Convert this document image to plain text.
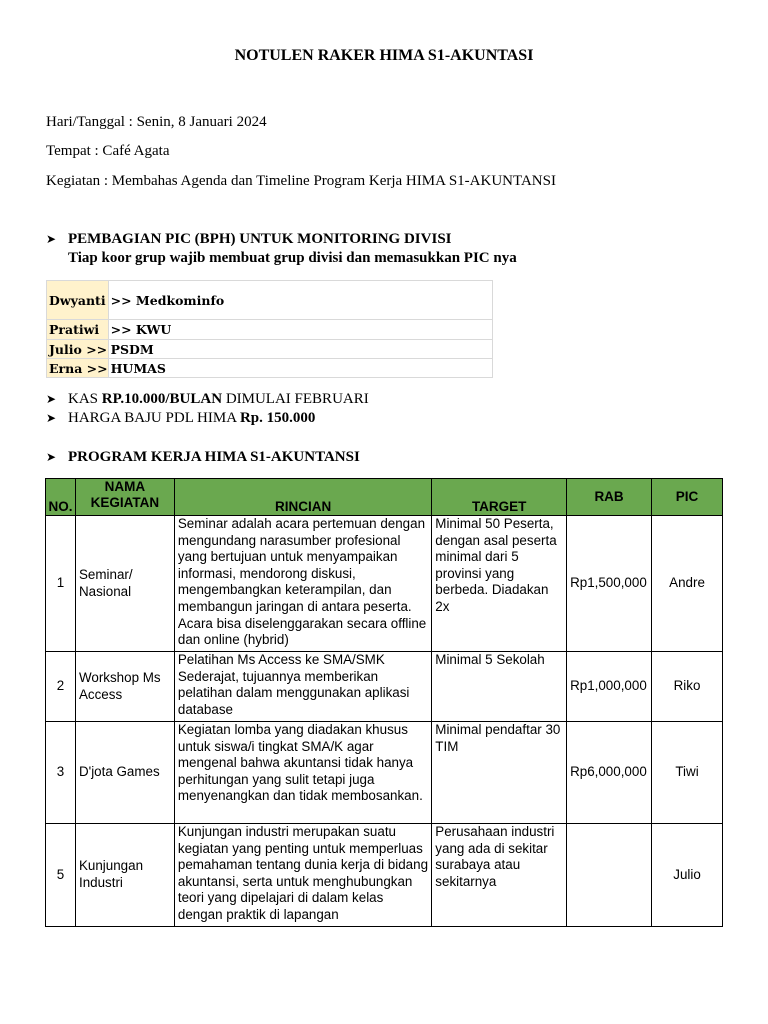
NOTULEN RAKER HIMA S1-AKUNTASI
Hari/Tanggal : Senin, 8 Januari 2024
Tempat : Café Agata
Kegiatan : Membahas Agenda dan Timeline Program Kerja HIMA S1-AKUNTANSI
➤ PEMBAGIAN PIC (BPH) UNTUK MONITORING DIVISI
Tiap koor grup wajib membuat grup divisi dan memasukkan PIC nya
Dwyanti	>> Medkominfo
Pratiwi	>> KWU
Julio >>	PSDM
Erna >>	HUMAS
➤ KAS RP.10.000/BULAN DIMULAI FEBRUARI
➤ HARGA BAJU PDL HIMA Rp. 150.000
➤ PROGRAM KERJA HIMA S1-AKUNTANSI
NO.	NAMA KEGIATAN	RINCIAN	TARGET	RAB	PIC
1	Seminar/ Nasional	Seminar adalah acara pertemuan dengan mengundang narasumber profesional yang bertujuan untuk menyampaikan informasi, mendorong diskusi, mengembangkan keterampilan, dan membangun jaringan di antara peserta. Acara bisa diselenggarakan secara offline dan online (hybrid)	Minimal 50 Peserta, dengan asal peserta minimal dari 5 provinsi yang berbeda. Diadakan 2x	Rp1,500,000	Andre
2	Workshop Ms Access	Pelatihan Ms Access ke SMA/SMK Sederajat, tujuannya memberikan pelatihan dalam menggunakan aplikasi database	Minimal 5 Sekolah	Rp1,000,000	Riko
3	D'jota Games	Kegiatan lomba yang diadakan khusus untuk siswa/i tingkat SMA/K agar mengenal bahwa akuntansi tidak hanya perhitungan yang sulit tetapi juga menyenangkan dan tidak membosankan.	Minimal pendaftar 30 TIM	Rp6,000,000	Tiwi
5	Kunjungan Industri	Kunjungan industri merupakan suatu kegiatan yang penting untuk memperluas pemahaman tentang dunia kerja di bidang akuntansi, serta untuk menghubungkan teori yang dipelajari di dalam kelas dengan praktik di lapangan	Perusahaan industri yang ada di sekitar surabaya atau sekitarnya		Julio
